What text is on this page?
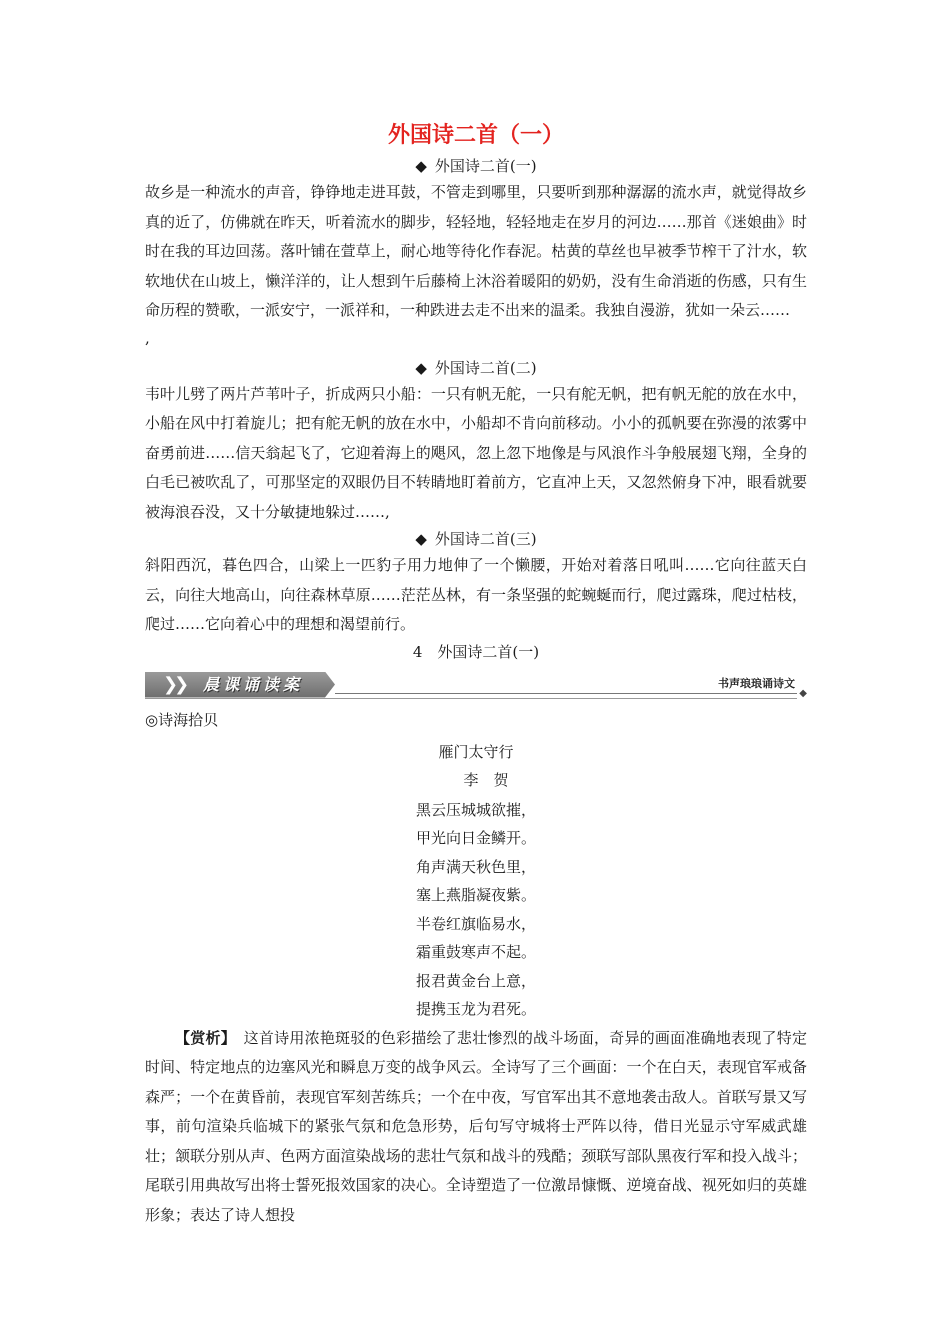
外国诗二首（一）

◆ 外国诗二首(一)

故乡是一种流水的声音，铮铮地走进耳鼓，不管走到哪里，只要听到那种潺潺的流水声，就觉得故乡真的近了，仿佛就在昨天，听着流水的脚步，轻轻地，轻轻地走在岁月的河边……那首《迷娘曲》时时在我的耳边回荡。落叶铺在萱草上，耐心地等待化作春泥。枯黄的草丝也早被季节榨干了汁水，软软地伏在山坡上，懒洋洋的，让人想到午后藤椅上沐浴着暖阳的奶奶，没有生命消逝的伤感，只有生命历程的赞歌，一派安宁，一派祥和，一种跌进去走不出来的温柔。我独自漫游，犹如一朵云……

,

◆ 外国诗二首(二)

韦叶儿劈了两片芦苇叶子，折成两只小船：一只有帆无舵，一只有舵无帆，把有帆无舵的放在水中，小船在风中打着旋儿；把有舵无帆的放在水中，小船却不肯向前移动。小小的孤帆要在弥漫的浓雾中奋勇前进……信天翁起飞了，它迎着海上的飓风，忽上忽下地像是与风浪作斗争般展翅飞翔，全身的白毛已被吹乱了，可那坚定的双眼仍目不转睛地盯着前方，它直冲上天，又忽然俯身下冲，眼看就要被海浪吞没，又十分敏捷地躲过……,

◆ 外国诗二首(三)

斜阳西沉，暮色四合，山梁上一匹豹子用力地伸了一个懒腰，开始对着落日吼叫……它向往蓝天白云，向往大地高山，向往森林草原……茫茫丛林，有一条坚强的蛇蜿蜒而行，爬过露珠，爬过枯枝，爬过……它向着心中的理想和渴望前行。

4　外国诗二首(一)

❯❯ 晨课诵读案	书声琅琅诵诗文
◆

◎诗海拾贝

雁门太守行

李　贺

黑云压城城欲摧，

甲光向日金鳞开。

角声满天秋色里，

塞上燕脂凝夜紫。

半卷红旗临易水，

霜重鼓寒声不起。

报君黄金台上意，

提携玉龙为君死。

【赏析】　 这首诗用浓艳斑驳的色彩描绘了悲壮惨烈的战斗场面，奇异的画面准确地表现了特定时间、特定地点的边塞风光和瞬息万变的战争风云。全诗写了三个画面：一个在白天，表现官军戒备森严；一个在黄昏前，表现官军刻苦练兵；一个在中夜，写官军出其不意地袭击敌人。首联写景又写事，前句渲染兵临城下的紧张气氛和危急形势，后句写守城将士严阵以待，借日光显示守军威武雄壮；颔联分别从声、色两方面渲染战场的悲壮气氛和战斗的残酷；颈联写部队黑夜行军和投入战斗；尾联引用典故写出将士誓死报效国家的决心。全诗塑造了一位激昂慷慨、逆境奋战、视死如归的英雄形象；表达了诗人想投
